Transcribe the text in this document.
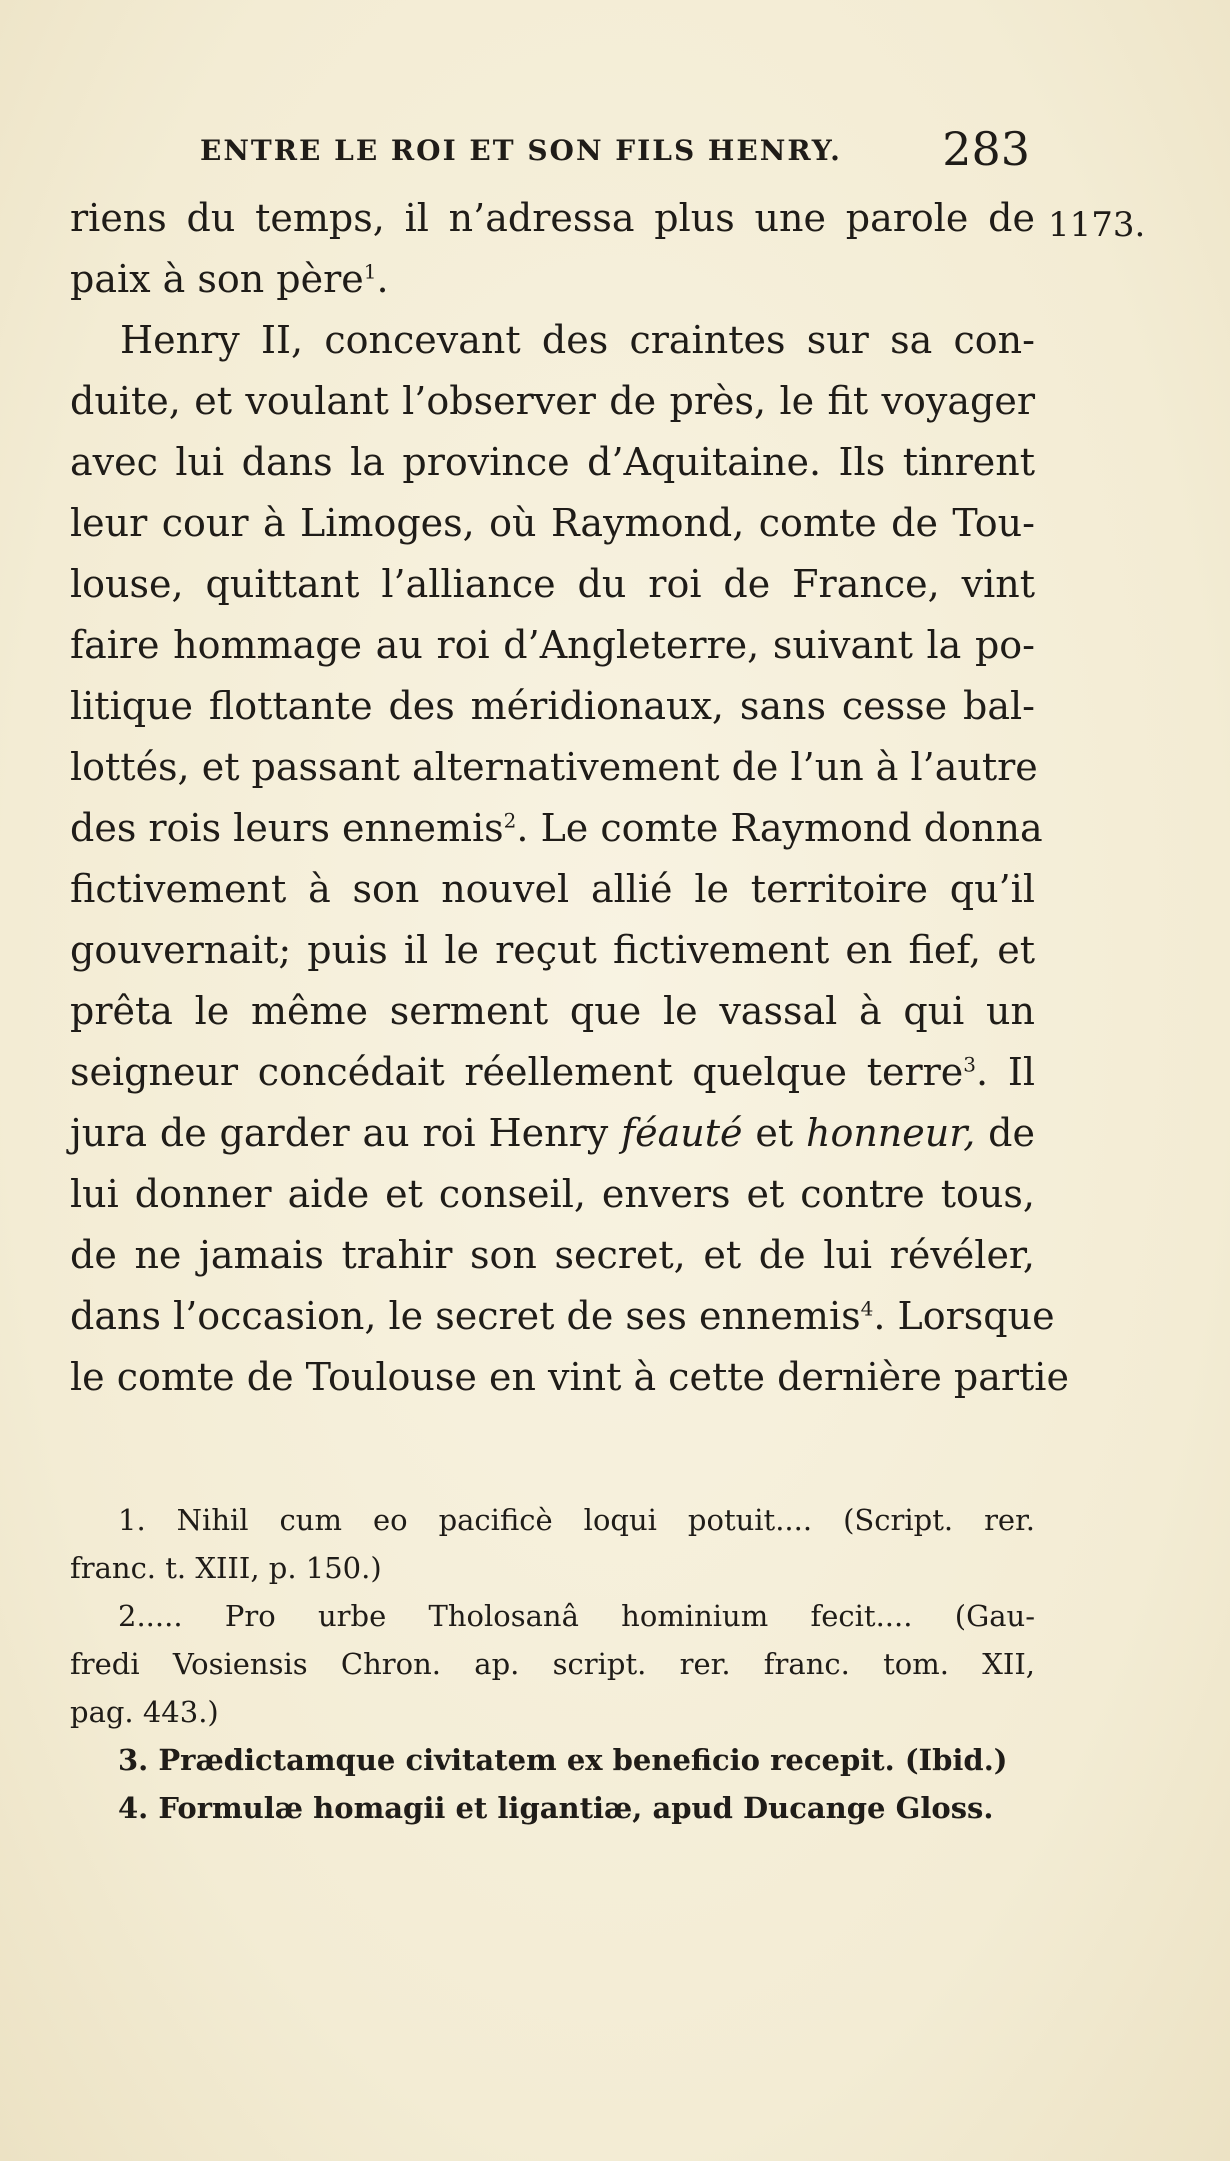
ENTRE LE ROI ET SON FILS HENRY. 283
1173.
riens du temps, il n’adressa plus une parole de
paix à son père$^1$.
Henry II, concevant des craintes sur sa con-
duite, et voulant l’observer de près, le fit voyager
avec lui dans la province d’Aquitaine. Ils tinrent
leur cour à Limoges, où Raymond, comte de Tou-
louse, quittant l’alliance du roi de France, vint
faire hommage au roi d’Angleterre, suivant la po-
litique flottante des méridionaux, sans cesse bal-
lottés, et passant alternativement de l’un à l’autre
des rois leurs ennemis$^2$. Le comte Raymond donna
fictivement à son nouvel allié le territoire qu’il
gouvernait; puis il le reçut fictivement en fief, et
prêta le même serment que le vassal à qui un
seigneur concédait réellement quelque terre$^3$. Il
jura de garder au roi Henry féauté et honneur, de
lui donner aide et conseil, envers et contre tous,
de ne jamais trahir son secret, et de lui révéler,
dans l’occasion, le secret de ses ennemis$^4$. Lorsque
le comte de Toulouse en vint à cette dernière partie
1. Nihil cum eo pacificè loqui potuit.... (Script. rer.
franc. t. XIII, p. 150.)
2..... Pro urbe Tholosanâ hominium fecit.... (Gau-
fredi Vosiensis Chron. ap. script. rer. franc. tom. XII,
pag. 443.)
3. Prædictamque civitatem ex beneficio recepit. (Ibid.)
4. Formulæ homagii et ligantiæ, apud Ducange Gloss.
